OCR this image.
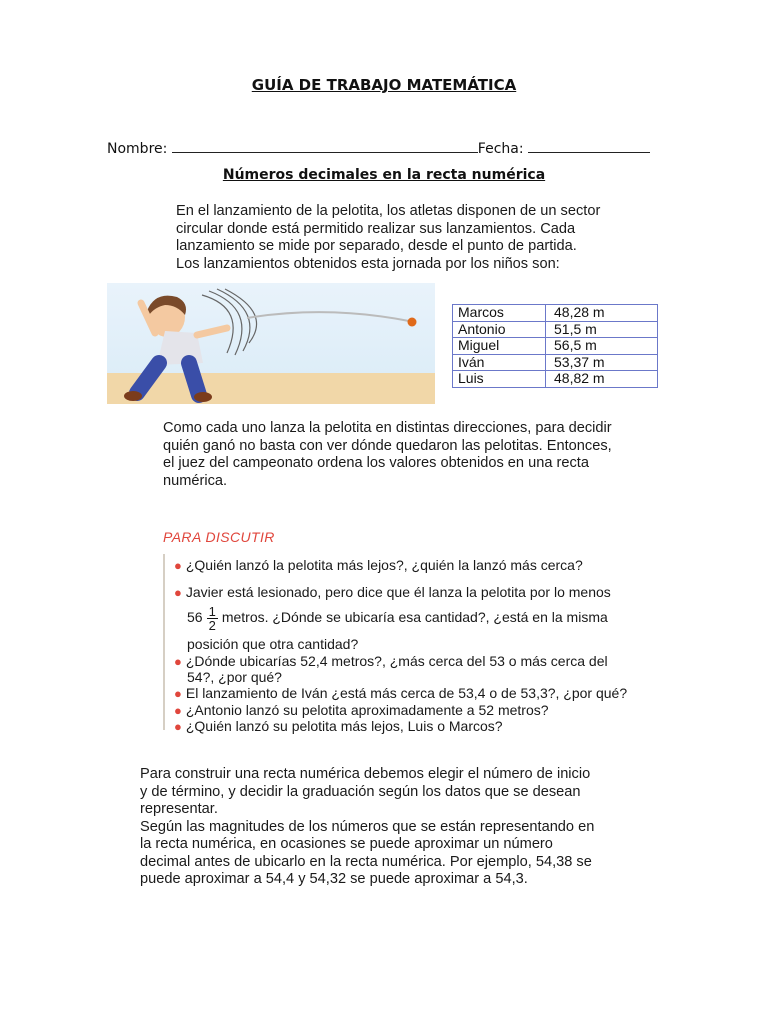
GUÍA DE TRABAJO MATEMÁTICA
Nombre:	Fecha:
Números decimales en la recta numérica
En el lanzamiento de la pelotita, los atletas disponen de un sector
circular donde está permitido realizar sus lanzamientos. Cada
lanzamiento se mide por separado, desde el punto de partida.
Los lanzamientos obtenidos esta jornada por los niños son:
Marcos	48,28 m
Antonio	51,5 m
Miguel	56,5 m
Iván	53,37 m
Luis	48,82 m
Como cada uno lanza la pelotita en distintas direcciones, para decidir
quién ganó no basta con ver dónde quedaron las pelotitas. Entonces,
el juez del campeonato ordena los valores obtenidos en una recta
numérica.
PARA DISCUTIR
● ¿Quién lanzó la pelotita más lejos?, ¿quién la lanzó más cerca?
● Javier está lesionado, pero dice que él lanza la pelotita por lo menos
$56 \frac{1}{2}$ metros. ¿Dónde se ubicaría esa cantidad?, ¿está en la misma
posición que otra cantidad?
● ¿Dónde ubicarías 52,4 metros?, ¿más cerca del 53 o más cerca del
54?, ¿por qué?
● El lanzamiento de Iván ¿está más cerca de 53,4 o de 53,3?, ¿por qué?
● ¿Antonio lanzó su pelotita aproximadamente a 52 metros?
● ¿Quién lanzó su pelotita más lejos, Luis o Marcos?
Para construir una recta numérica debemos elegir el número de inicio
y de término, y decidir la graduación según los datos que se desean
representar.
Según las magnitudes de los números que se están representando en
la recta numérica, en ocasiones se puede aproximar un número
decimal antes de ubicarlo en la recta numérica. Por ejemplo, 54,38 se
puede aproximar a 54,4 y 54,32 se puede aproximar a 54,3.
